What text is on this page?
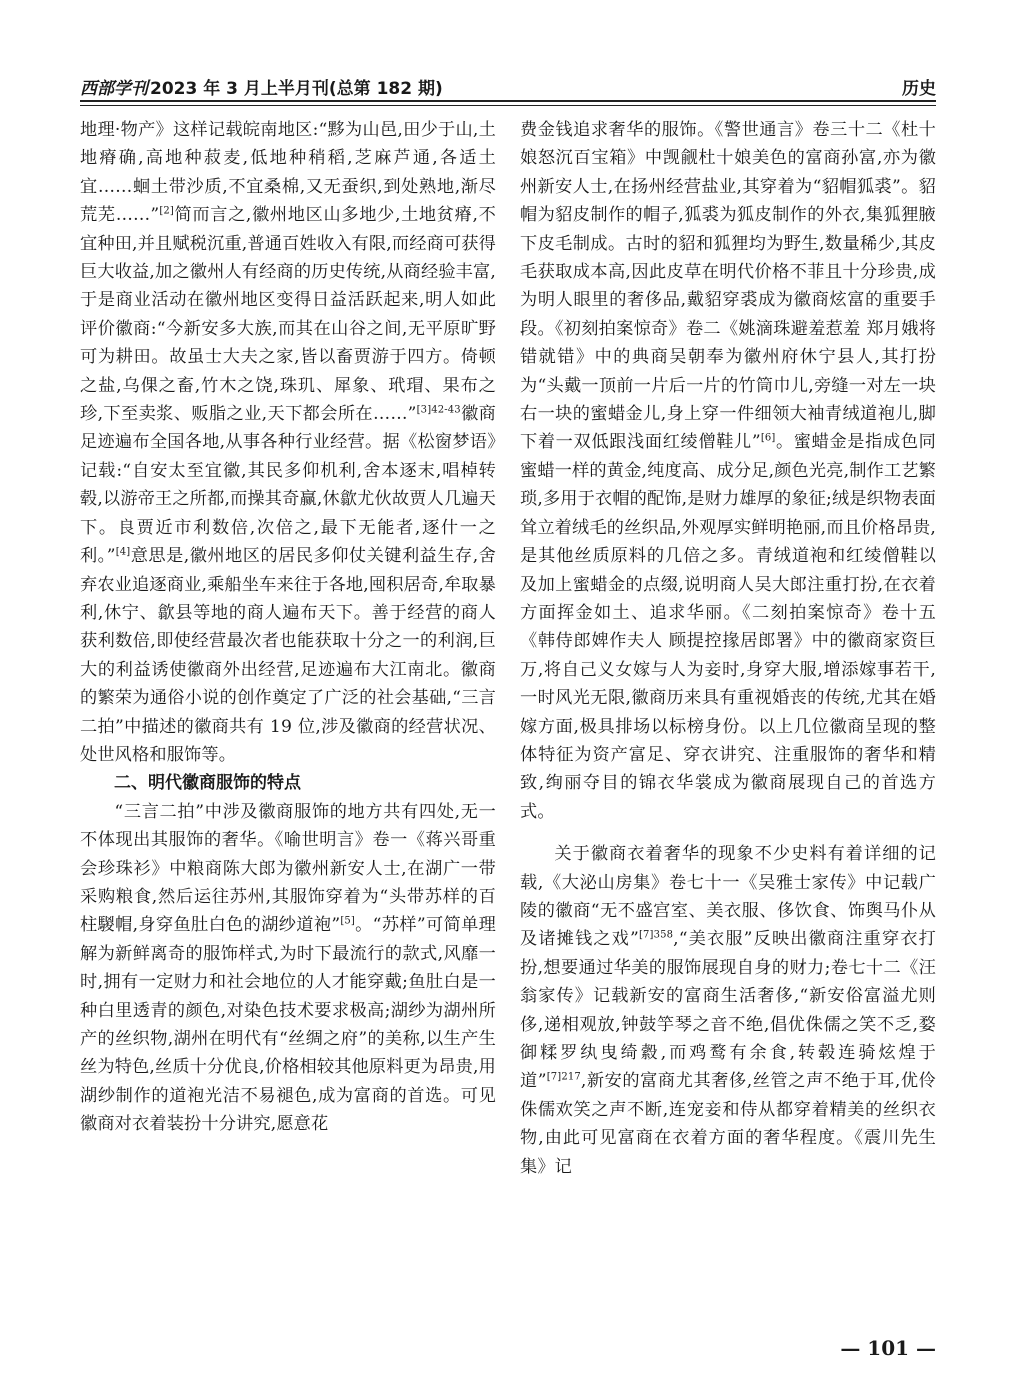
西部学刊 2023 年 3 月上半月刊(总第 182 期)	历史

地理·物产》这样记载皖南地区:“黟为山邑,田少于山,土地瘠确,高地种菽麦,低地种稍稻,芝麻芦通,各适土宜……蛔土带沙质,不宜桑棉,又无蚕织,到处熟地,渐尽荒芜……”[2]简而言之,徽州地区山多地少,土地贫瘠,不宜种田,并且赋税沉重,普通百姓收入有限,而经商可获得巨大收益,加之徽州人有经商的历史传统,从商经验丰富,于是商业活动在徽州地区变得日益活跃起来,明人如此评价徽商:“今新安多大族,而其在山谷之间,无平原旷野可为耕田。故虽士大夫之家,皆以畜贾游于四方。倚顿之盐,乌倮之畜,竹木之饶,珠玑、犀象、玳瑁、果布之珍,下至卖浆、贩脂之业,天下都会所在……”$^{[3]42-43}$徽商足迹遍布全国各地,从事各种行业经营。据《松窗梦语》记载:“自安太至宜徽,其民多仰机利,舍本逐末,唱棹转毂,以游帝王之所都,而操其奇赢,休歙尤伙故贾人几遍天下。良贾近市利数倍,次倍之,最下无能者,逐什一之利。”[4]意思是,徽州地区的居民多仰仗关键利益生存,舍弃农业追逐商业,乘船坐车来往于各地,囤积居奇,牟取暴利,休宁、歙县等地的商人遍布天下。善于经营的商人获利数倍,即使经营最次者也能获取十分之一的利润,巨大的利益诱使徽商外出经营,足迹遍布大江南北。徽商的繁荣为通俗小说的创作奠定了广泛的社会基础,“三言二拍”中描述的徽商共有 19 位,涉及徽商的经营状况、处世风格和服饰等。

二、明代徽商服饰的特点

“三言二拍”中涉及徽商服饰的地方共有四处,无一不体现出其服饰的奢华。《喻世明言》卷一《蒋兴哥重会珍珠衫》中粮商陈大郎为徽州新安人士,在湖广一带采购粮食,然后运往苏州,其服饰穿着为“头带苏样的百柱騣帽,身穿鱼肚白色的湖纱道袍”[5]。“苏样”可简单理解为新鲜离奇的服饰样式,为时下最流行的款式,风靡一时,拥有一定财力和社会地位的人才能穿戴;鱼肚白是一种白里透青的颜色,对染色技术要求极高;湖纱为湖州所产的丝织物,湖州在明代有“丝绸之府”的美称,以生产生丝为特色,丝质十分优良,价格相较其他原料更为昂贵,用湖纱制作的道袍光洁不易褪色,成为富商的首选。可见徽商对衣着装扮十分讲究,愿意花

费金钱追求奢华的服饰。《警世通言》卷三十二《杜十娘怒沉百宝箱》中觊觎杜十娘美色的富商孙富,亦为徽州新安人士,在扬州经营盐业,其穿着为“貂帽狐裘”。貂帽为貂皮制作的帽子,狐裘为狐皮制作的外衣,集狐狸腋下皮毛制成。古时的貂和狐狸均为野生,数量稀少,其皮毛获取成本高,因此皮草在明代价格不菲且十分珍贵,成为明人眼里的奢侈品,戴貂穿裘成为徽商炫富的重要手段。《初刻拍案惊奇》卷二《姚滴珠避羞惹羞 郑月娥将错就错》中的典商吴朝奉为徽州府休宁县人,其打扮为“头戴一顶前一片后一片的竹筒巾儿,旁缝一对左一块右一块的蜜蜡金儿,身上穿一件细领大袖青绒道袍儿,脚下着一双低跟浅面红绫僧鞋儿”[6]。蜜蜡金是指成色同蜜蜡一样的黄金,纯度高、成分足,颜色光亮,制作工艺繁琐,多用于衣帽的配饰,是财力雄厚的象征;绒是织物表面耸立着绒毛的丝织品,外观厚实鲜明艳丽,而且价格昂贵,是其他丝质原料的几倍之多。青绒道袍和红绫僧鞋以及加上蜜蜡金的点缀,说明商人吴大郎注重打扮,在衣着方面挥金如土、追求华丽。《二刻拍案惊奇》卷十五《韩侍郎婢作夫人 顾提控掾居郎署》中的徽商家资巨万,将自己义女嫁与人为妾时,身穿大服,增添嫁事若干,一时风光无限,徽商历来具有重视婚丧的传统,尤其在婚嫁方面,极具排场以标榜身份。以上几位徽商呈现的整体特征为资产富足、穿衣讲究、注重服饰的奢华和精致,绚丽夺目的锦衣华裳成为徽商展现自己的首选方式。

关于徽商衣着奢华的现象不少史料有着详细的记载,《大泌山房集》卷七十一《吴雅士家传》中记载广陵的徽商“无不盛宫室、美衣服、侈饮食、饰舆马仆从及诸摊钱之戏”$^{[7]358}$,“美衣服”反映出徽商注重穿衣打扮,想要通过华美的服饰展现自身的财力;卷七十二《汪翁家传》记载新安的富商生活奢侈,“新安俗富溢尤则侈,递相观放,钟鼓竽琴之音不绝,倡优侏儒之笑不乏,婺御糅罗纨曳绮縠,而鸡鹜有余食,转毂连骑炫煌于道”$^{[7]217}$,新安的富商尤其奢侈,丝管之声不绝于耳,优伶侏儒欢笑之声不断,连宠妾和侍从都穿着精美的丝织衣物,由此可见富商在衣着方面的奢华程度。《震川先生集》记

— 101 —
